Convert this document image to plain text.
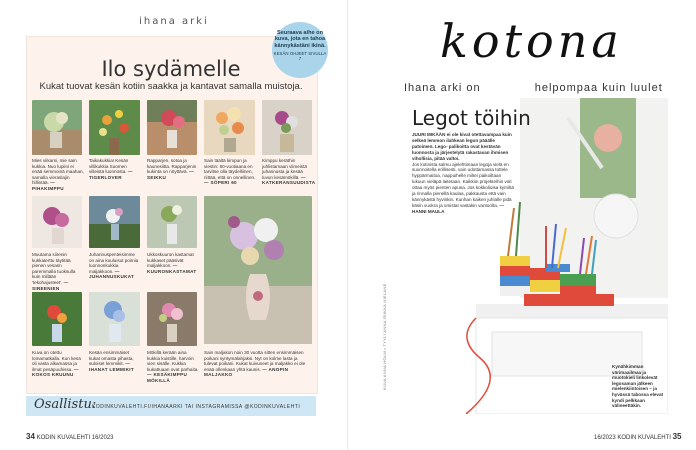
ihana arki
Ilo sydämelle
Kukat tuovat kesän kotiin saakka ja kantavat samalla muistoja.
Seuraava aihe on kuva, jota en tahoa kännykästäni ikinä.
KESÄN OHJEET SIVULLA 7
Mies viikarsi, mie sain kukkia. Nuo lupiini ei enää semmoinä maahan, samalla vieraslajin hillintää. — PIHAKIMPPU
Taikakukkia! Kesän villikukkia Suomen villeistä luonnosta. — TIGERLOVER
Rapparjen, sotoa ja kaunesiitta. Rapparjenin kukinta on nöyttävä. — SEIKKU
Sain täältä kimpun ja viestin: 60-vuotiaana en tarvitse olla täydelliinen, riittää, että on onnellinen. — SÖPERI 60
Kimppu keräthin juhlistamaan viimeistä juhannusta ja kesää luvun kesämökillä. — KATKERANSUUDISTA
Muutama siirenin kukkaterttu täytitää pienen vesasn paremmalla tuoksulla kuin millään 'tekohajusteet'. — SIREENIEN
Juhannuspenteisimme on aina kuuluisut poimia luonnonkukkia maljakkoon. — JUHANNUSKUKAT
Ukkoskuuron kastamat kukkaset pääsivät maljakkoon. — KUURONKASTAMAT
Kuva on otettu lomamatkalla. Kun kesä oli vasta alkamassa ja ilmat pesäpuuhissa. — KOKOS KRUUNU
Kesän ensimmäiset kukat omasta pihasta, suloiset lemmikit. — IHANAT LEMMIKIT
Mökillä kerään aina kukkia kuistille, harvoin vien sisälle. Kukkia kukattuaan ovat parhaita. — KESÄKIMPPU MÖKILLÄ
Sain maljakon noin 30 vuotta sitten ensimmäisen poikani syntymälahjaksi. Nyt on kolme lasta ja tulevat poikani. Kukat kuivuneet ja maljakko ei ole enää ollenkaan yhtä kaunis. — ANOPIN MALJAKKO
Osallistu:
KODINKUVALEHTI.FI/IHANAARKI TAI INSTAGRAMISSA @KODINKUVALEHTI
34 KODIN KUVALEHTI 16/2023
kotona
Ihana arki on	helpompaa kuin luulet
Legot töihin
JUURI MIKÄÄN ei ole kivat otettavampaa kuin selkeä lemmon ilahkean legon pääälle patoimen. Lego- palikoitta ovat kestävän luonnosta ja järjestelytä rakastavan ihmisen vihollisia, pitää valtoi.
Jos kotinista salmu ajelehtimaan legoja vielä en suunnoitella erillisesti, vain udottamassa tottele hyppärmaitoa, nappuihelle miltei paikoiltaan lukuun vieläpä laitetaan. Kaikkiin projekteihin voit ottaa myös pienten apuna. Jos kokkolioisa kymiltä ja rinnalla pienellä kaulaa, pakkausta että vain kännykästä hyvinkin. Kunhan kaiken juhlalle pidä käsin vuokra ja omistat vastakin vantoolta. — HANNI MAULA
KUVA ANNA HOLM • TYYLI ANNA-RIIKKA NIELANE	Kynähkimman värimaailmaa ja muotokieli linkolevät legosaman jälkeen mielenkiintoisen – ja hyvässä tabossa elevat kyndi pelkkaan välineettäkin.
16/2023 KODIN KUVALEHTI 35
